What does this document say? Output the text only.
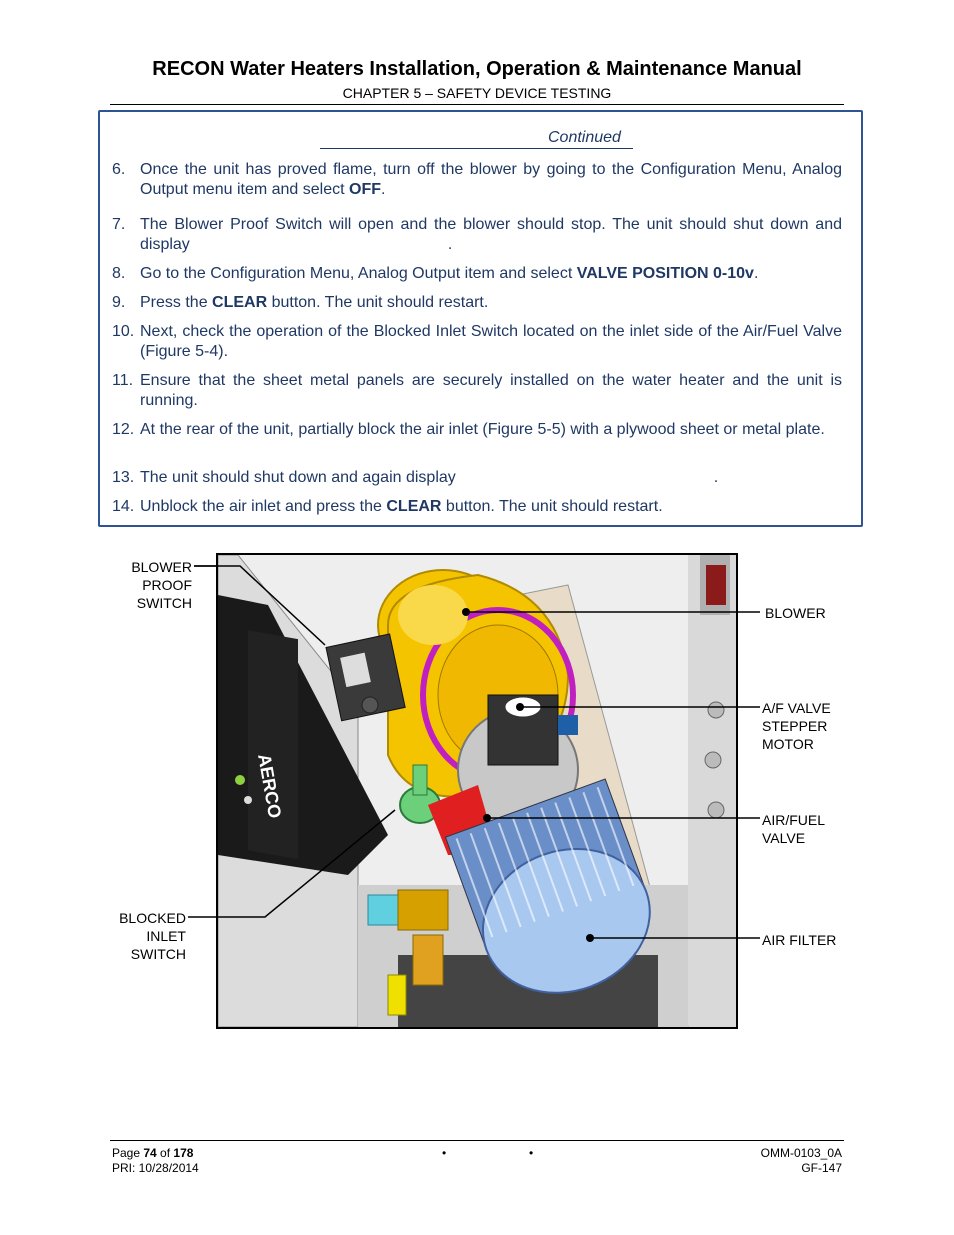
RECON Water Heaters Installation, Operation & Maintenance Manual
CHAPTER 5 – SAFETY DEVICE TESTING
Continued
6. Once the unit has proved flame, turn off the blower by going to the Configuration Menu, Analog Output menu item and select OFF.
7. The Blower Proof Switch will open and the blower should stop. The unit should shut down and display	.
8. Go to the Configuration Menu, Analog Output item and select VALVE POSITION 0-10v.
9. Press the CLEAR button. The unit should restart.
10. Next, check the operation of the Blocked Inlet Switch located on the inlet side of the Air/Fuel Valve (Figure 5-4).
11. Ensure that the sheet metal panels are securely installed on the water heater and the unit is running.
12. At the rear of the unit, partially block the air inlet (Figure 5-5) with a plywood sheet or metal plate.
13. The unit should shut down and again display	.
14. Unblock the air inlet and press the CLEAR button. The unit should restart.
AERCO
BLOWER
PROOF
SWITCH
BLOCKED
INLET
SWITCH
BLOWER
A/F VALVE
STEPPER
MOTOR
AIR/FUEL
VALVE
AIR FILTER
Page 74 of 178
PRI: 10/28/2014
•	•	OMM-0103_0A
GF-147
